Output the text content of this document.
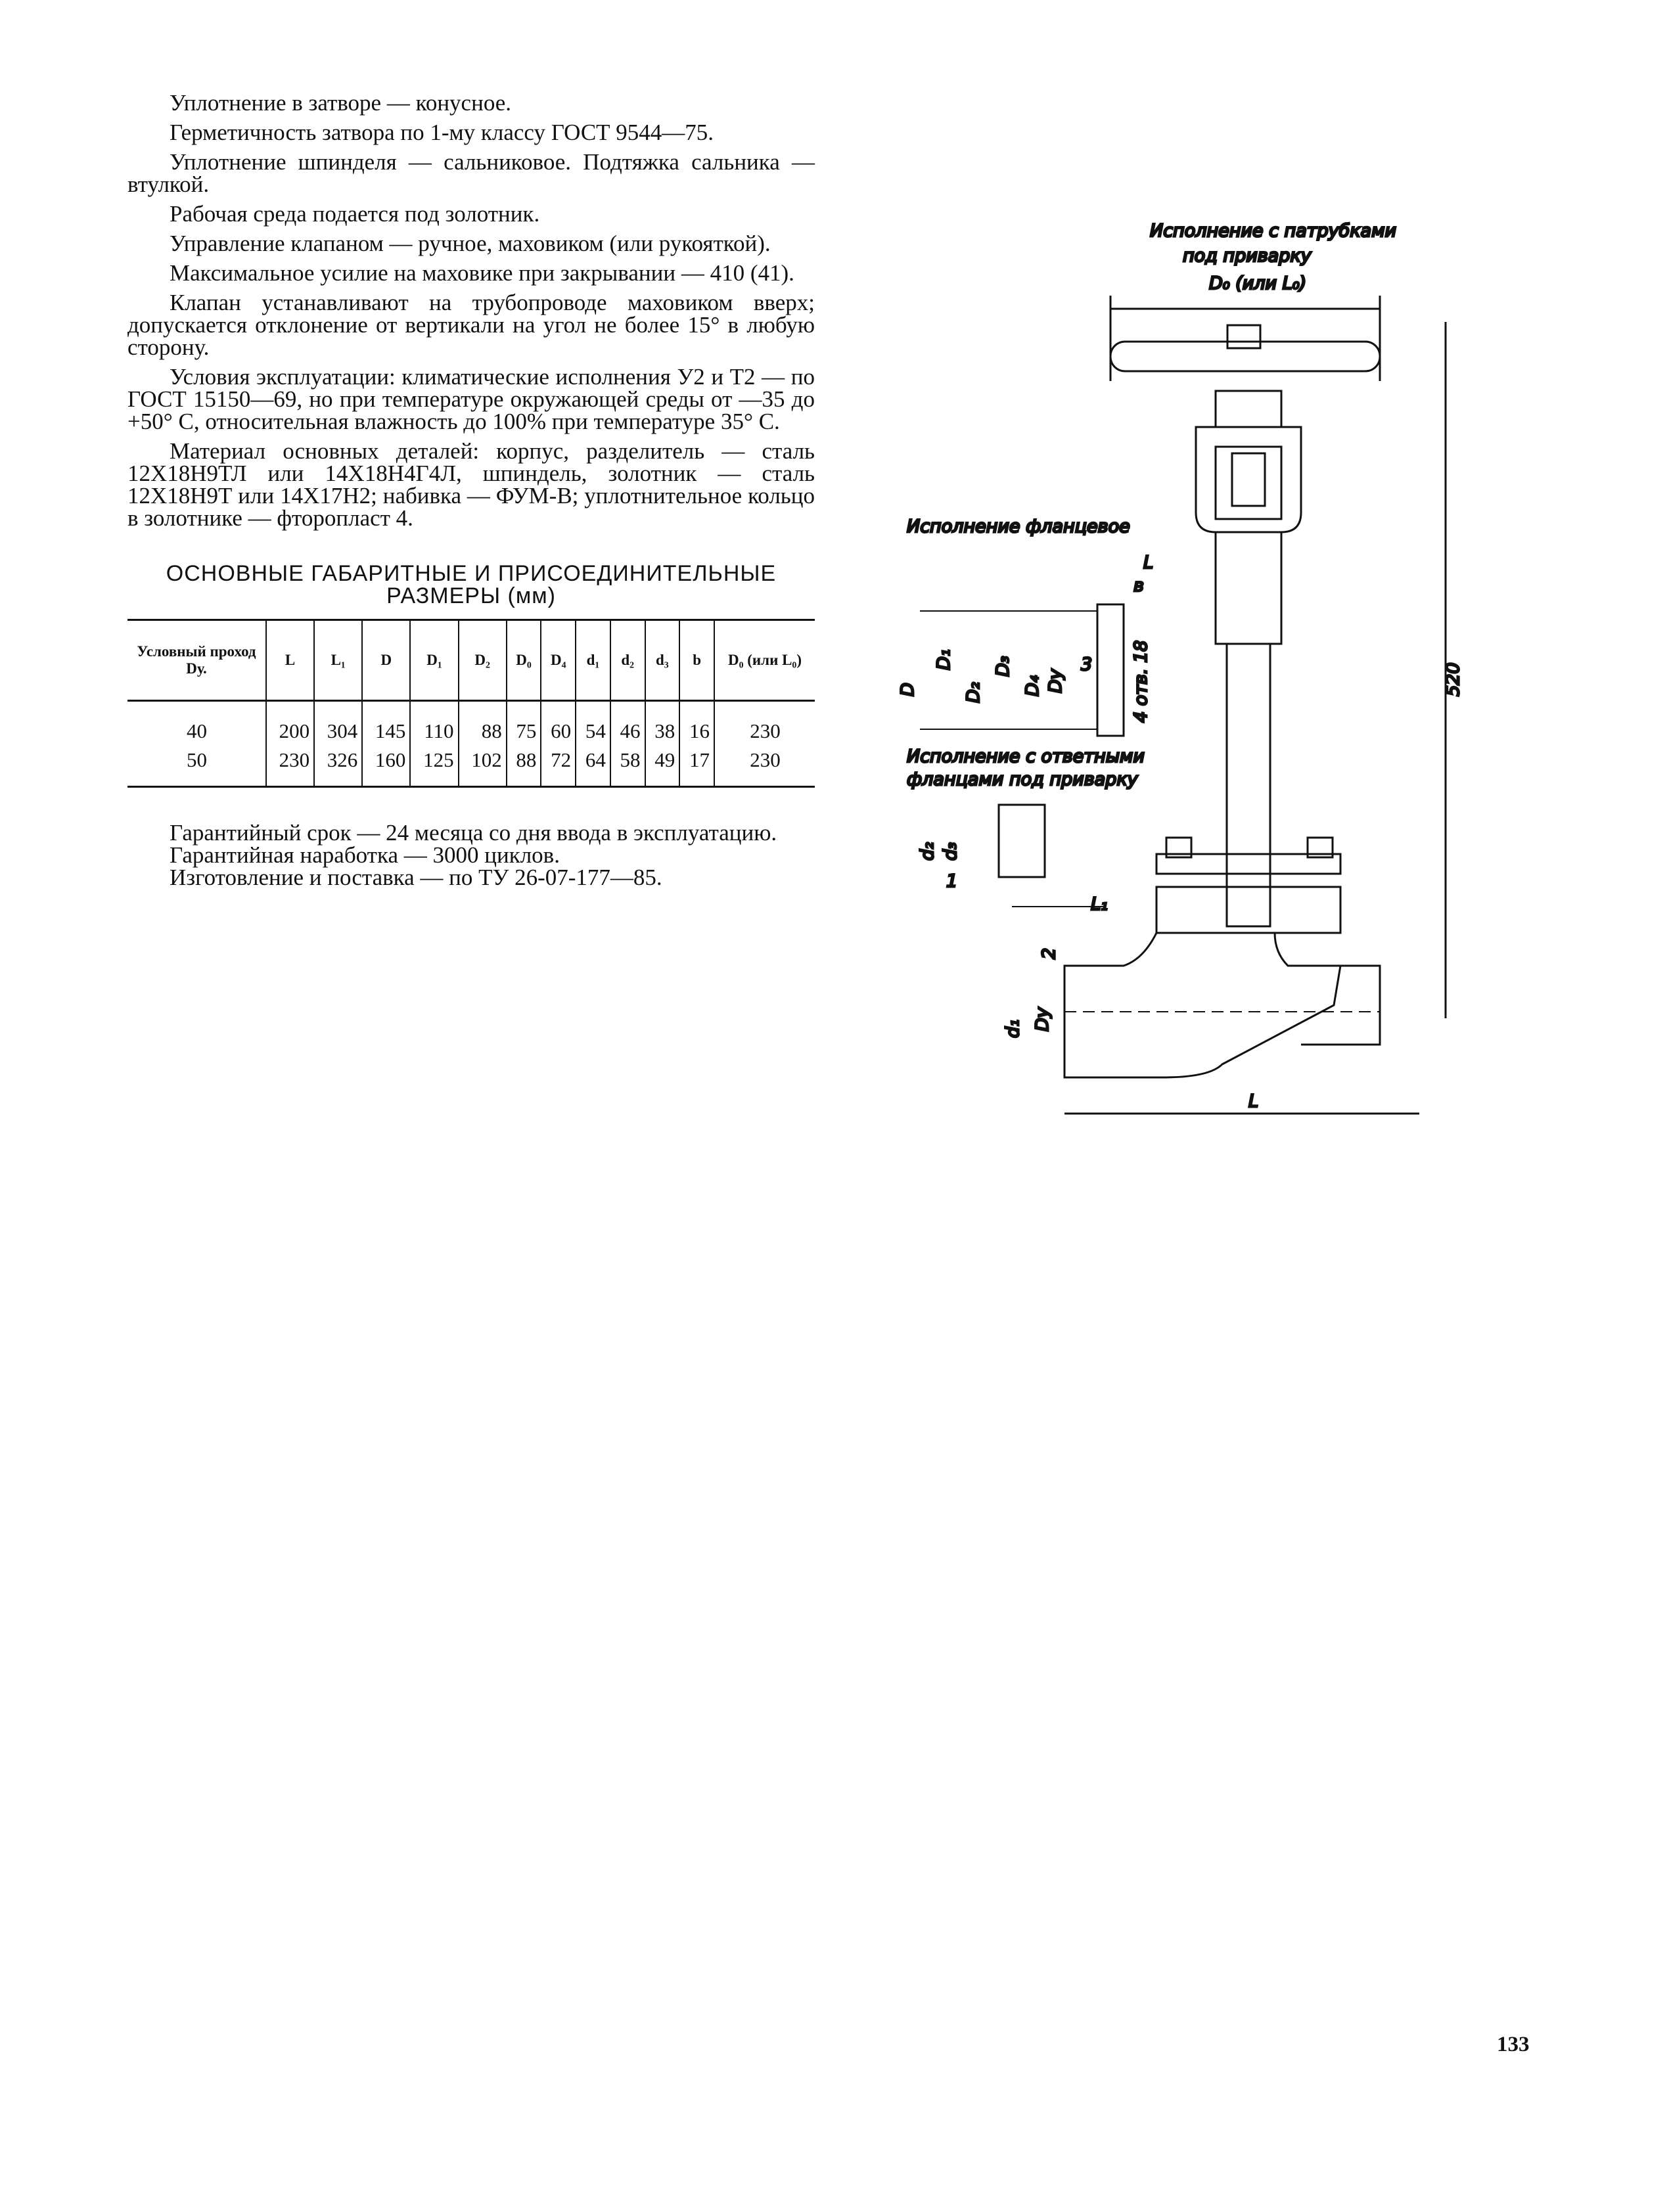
Уплотнение в затворе — конусное.

Герметичность затвора по 1-му классу ГОСТ 9544—75.

Уплотнение шпинделя — сальниковое. Подтяжка сальника — втулкой.

Рабочая среда подается под золотник.

Управление клапаном — ручное, маховиком (или рукояткой).

Максимальное усилие на маховике при закрывании — 410 (41).

Клапан устанавливают на трубопроводе маховиком вверх; допускается отклонение от вертикали на угол не более 15° в любую сторону.

Условия эксплуатации: климатические исполнения У2 и Т2 — по ГОСТ 15150—69, но при температуре окружающей среды от —35 до +50° С, относительная влажность до 100% при температуре 35° С.

Материал основных деталей: корпус, разделитель — сталь 12Х18Н9ТЛ или 14Х18Н4Г4Л, шпиндель, золотник — сталь 12Х18Н9Т или 14Х17Н2; набивка — ФУМ-В; уплотнительное кольцо в золотнике — фторопласт 4.

ОСНОВНЫЕ ГАБАРИТНЫЕ И ПРИСОЕДИНИТЕЛЬНЫЕ РАЗМЕРЫ (мм)
Условный проход Dу.	L	L₁	D	D₁	D₂	D₀	D₄	d₁	d₂	d₃	b	D₀ (или L₀)
40	200	304	145	110	88	75	60	54	46	38	16	230
50	230	326	160	125	102	88	72	64	58	49	17	230

Гарантийный срок — 24 месяца со дня ввода в эксплуатацию.

Гарантийная наработка — 3000 циклов.

Изготовление и поставка — по ТУ 26-07-177—85.

Исполнение с патрубками
под приварку
D₀ (или L₀)
520
L
d₁ Dу
2
Исполнение фланцевое
L
в
D
D₁
D₂
D₃
D₄ Dу
3 4 отв. 18
Исполнение с ответными
фланцами под приварку
d₂ d₃
1
L₁
133
